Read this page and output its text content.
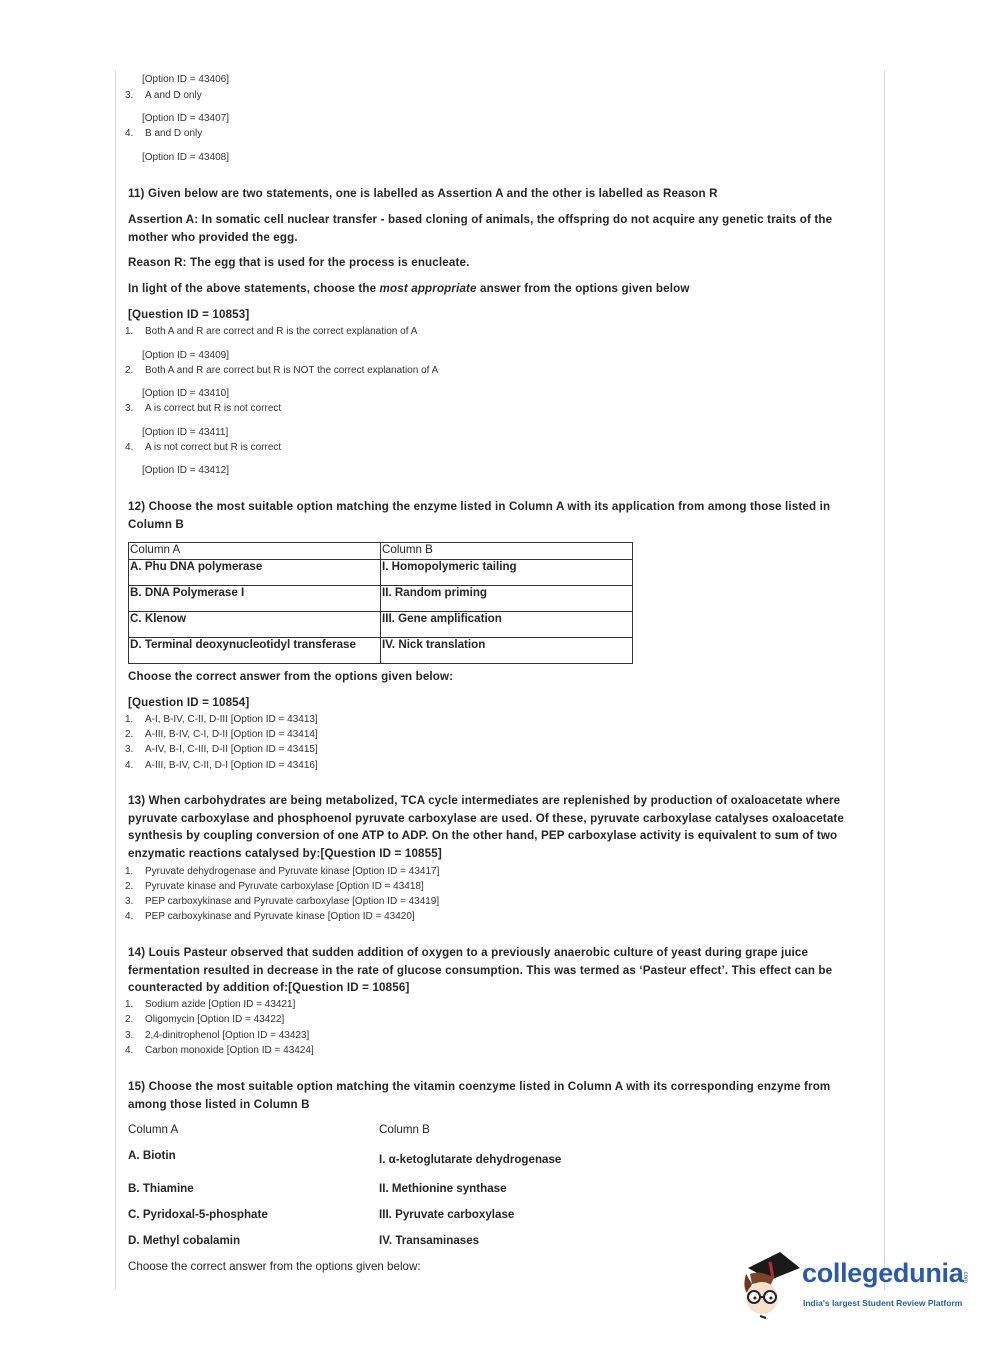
[Option ID = 43406]
3. A and D only
[Option ID = 43407]
4. B and D only
[Option ID = 43408]
11) Given below are two statements, one is labelled as Assertion A and the other is labelled as Reason R
Assertion A: In somatic cell nuclear transfer - based cloning of animals, the offspring do not acquire any genetic traits of the mother who provided the egg.
Reason R: The egg that is used for the process is enucleate.
In light of the above statements, choose the most appropriate answer from the options given below
[Question ID = 10853]
1. Both A and R are correct and R is the correct explanation of A
[Option ID = 43409]
2. Both A and R are correct but R is NOT the correct explanation of A
[Option ID = 43410]
3. A is correct but R is not correct
[Option ID = 43411]
4. A is not correct but R is correct
[Option ID = 43412]
12) Choose the most suitable option matching the enzyme listed in Column A with its application from among those listed in Column B
Column A	Column B
A. Phu DNA polymerase	I. Homopolymeric tailing
B. DNA Polymerase I	II. Random priming
C. Klenow	III. Gene amplification
D. Terminal deoxynucleotidyl transferase	IV. Nick translation
Choose the correct answer from the options given below:
[Question ID = 10854]
1. A-I, B-IV, C-II, D-III [Option ID = 43413]
2. A-III, B-IV, C-I, D-II [Option ID = 43414]
3. A-IV, B-I, C-III, D-II [Option ID = 43415]
4. A-III, B-IV, C-II, D-I [Option ID = 43416]
13) When carbohydrates are being metabolized, TCA cycle intermediates are replenished by production of oxaloacetate where pyruvate carboxylase and phosphoenol pyruvate carboxylase are used. Of these, pyruvate carboxylase catalyses oxaloacetate synthesis by coupling conversion of one ATP to ADP. On the other hand, PEP carboxylase activity is equivalent to sum of two enzymatic reactions catalysed by:[Question ID = 10855]
1. Pyruvate dehydrogenase and Pyruvate kinase [Option ID = 43417]
2. Pyruvate kinase and Pyruvate carboxylase [Option ID = 43418]
3. PEP carboxykinase and Pyruvate carboxylase [Option ID = 43419]
4. PEP carboxykinase and Pyruvate kinase [Option ID = 43420]
14) Louis Pasteur observed that sudden addition of oxygen to a previously anaerobic culture of yeast during grape juice fermentation resulted in decrease in the rate of glucose consumption. This was termed as ‘Pasteur effect’. This effect can be counteracted by addition of:[Question ID = 10856]
1. Sodium azide [Option ID = 43421]
2. Oligomycin [Option ID = 43422]
3. 2,4-dinitrophenol [Option ID = 43423]
4. Carbon monoxide [Option ID = 43424]
15) Choose the most suitable option matching the vitamin coenzyme listed in Column A with its corresponding enzyme from among those listed in Column B
Column A	Column B
A. Biotin	I. α-ketoglutarate dehydrogenase
B. Thiamine	II. Methionine synthase
C. Pyridoxal-5-phosphate	III. Pyruvate carboxylase
D. Methyl cobalamin	IV. Transaminases
Choose the correct answer from the options given below:	collegedunia
.com
India's largest Student Review Platform
